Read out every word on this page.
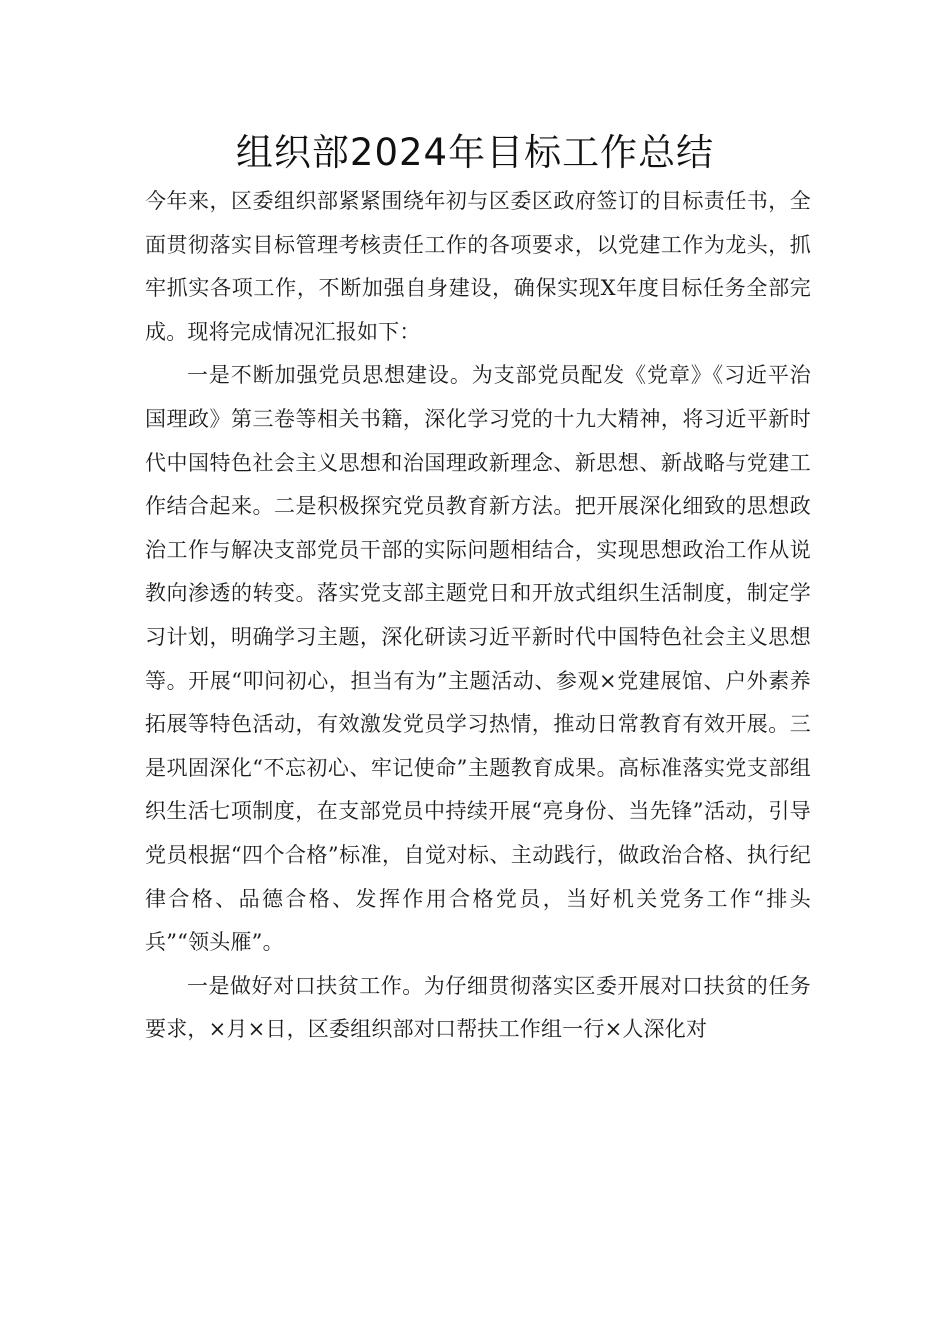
组织部2024年目标工作总结

今年来，区委组织部紧紧围绕年初与区委区政府签订的目标责任书，全面贯彻落实目标管理考核责任工作的各项要求，以党建工作为龙头，抓牢抓实各项工作，不断加强自身建设，确保实现X年度目标任务全部完成。现将完成情况汇报如下：

一是不断加强党员思想建设。为支部党员配发《党章》《习近平治国理政》第三卷等相关书籍，深化学习党的十九大精神，将习近平新时代中国特色社会主义思想和治国理政新理念、新思想、新战略与党建工作结合起来。二是积极探究党员教育新方法。把开展深化细致的思想政治工作与解决支部党员干部的实际问题相结合，实现思想政治工作从说教向渗透的转变。落实党支部主题党日和开放式组织生活制度，制定学习计划，明确学习主题，深化研读习近平新时代中国特色社会主义思想等。开展“叩问初心，担当有为”主题活动、参观×党建展馆、户外素养拓展等特色活动，有效激发党员学习热情，推动日常教育有效开展。三是巩固深化“不忘初心、牢记使命”主题教育成果。高标准落实党支部组织生活七项制度，在支部党员中持续开展“亮身份、当先锋”活动，引导党员根据“四个合格”标准，自觉对标、主动践行，做政治合格、执行纪律合格、品德合格、发挥作用合格党员，当好机关党务工作“排头兵”“领头雁”。

一是做好对口扶贫工作。为仔细贯彻落实区委开展对口扶贫的任务要求，×月×日，区委组织部对口帮扶工作组一行×人深化对
